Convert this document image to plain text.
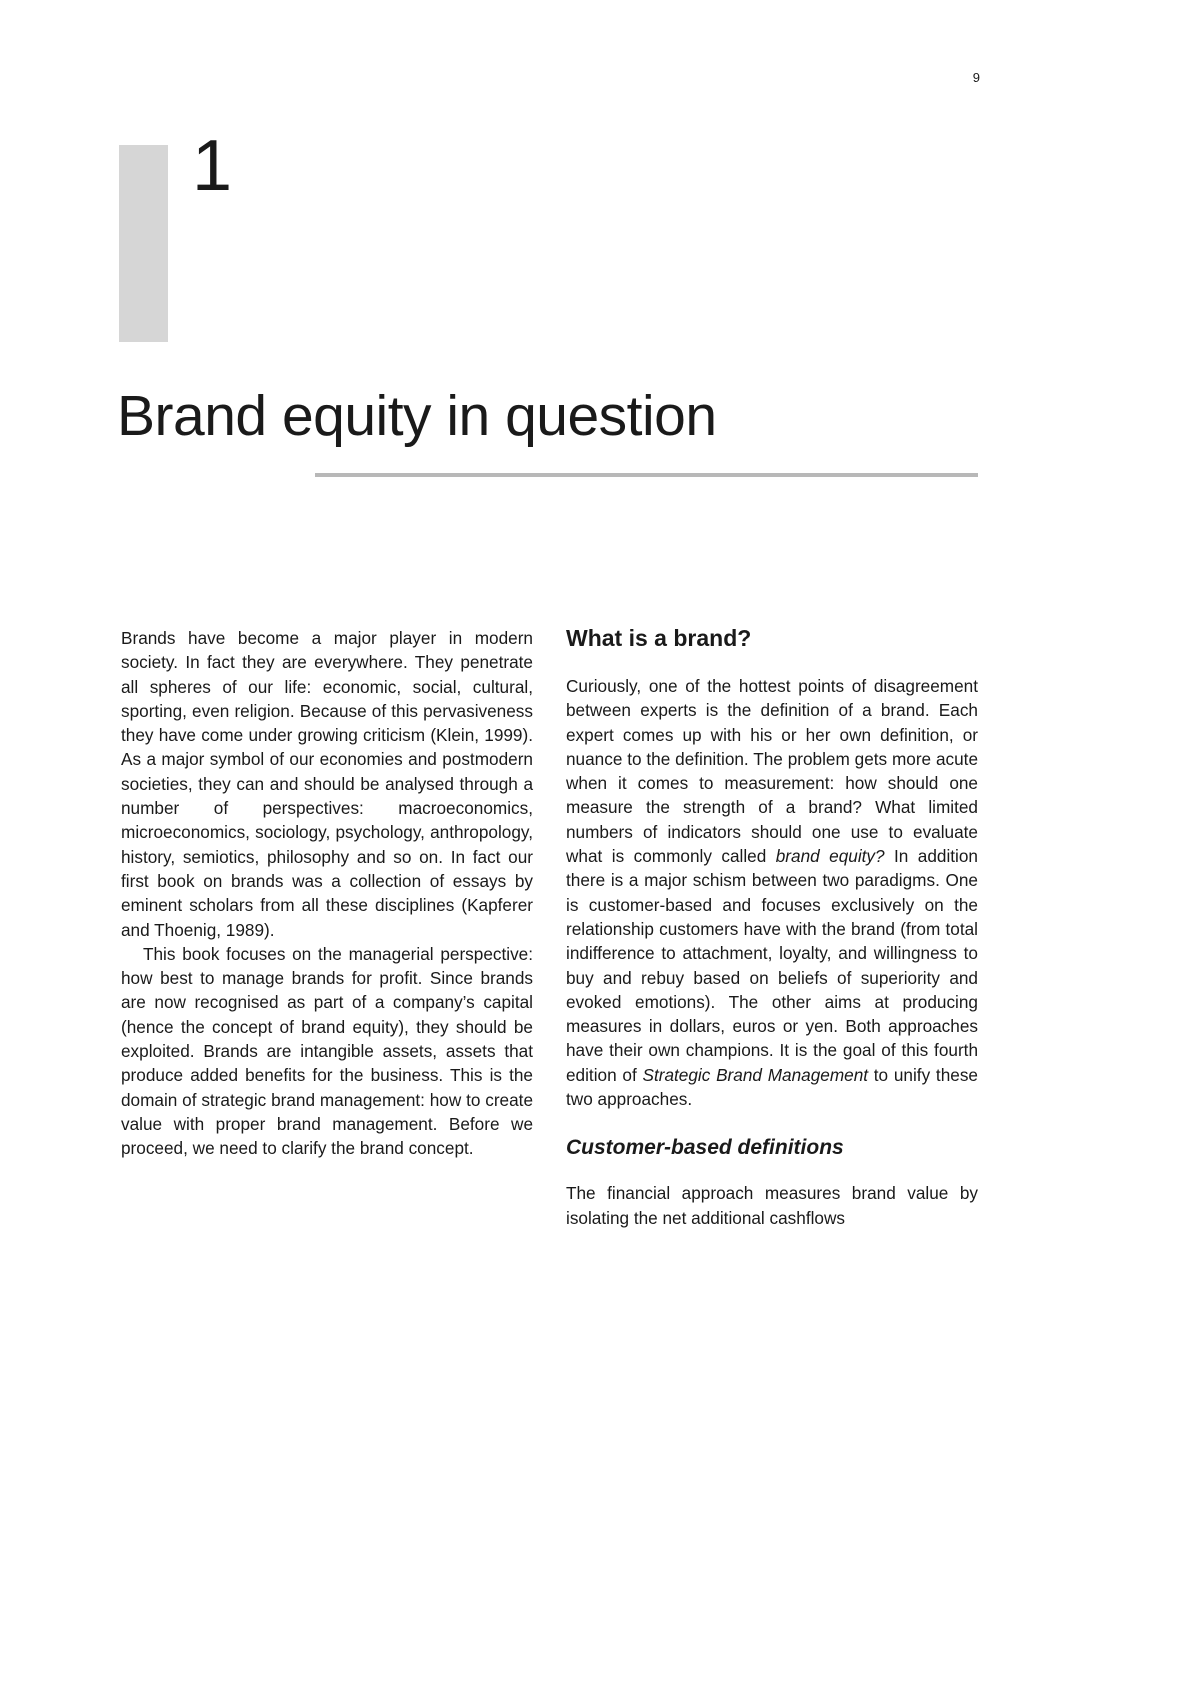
9
1
Brand equity in question

Brands have become a major player in modern society. In fact they are everywhere. They penetrate all spheres of our life: economic, social, cultural, sporting, even religion. Because of this pervasiveness they have come under growing criticism (Klein, 1999). As a major symbol of our economies and postmodern societies, they can and should be analysed through a number of perspectives: macroeconomics, microeconomics, sociology, psychology, anthropology, history, semiotics, philosophy and so on. In fact our first book on brands was a collection of essays by eminent scholars from all these disciplines (Kapferer and Thoenig, 1989).

This book focuses on the managerial perspective: how best to manage brands for profit. Since brands are now recognised as part of a company’s capital (hence the concept of brand equity), they should be exploited. Brands are intangible assets, assets that produce added benefits for the business. This is the domain of strategic brand management: how to create value with proper brand management. Before we proceed, we need to clarify the brand concept.

What is a brand?

Curiously, one of the hottest points of disagreement between experts is the definition of a brand. Each expert comes up with his or her own definition, or nuance to the definition. The problem gets more acute when it comes to measurement: how should one measure the strength of a brand? What limited numbers of indicators should one use to evaluate what is commonly called brand equity? In addition there is a major schism between two paradigms. One is customer-based and focuses exclusively on the relationship customers have with the brand (from total indifference to attachment, loyalty, and willingness to buy and rebuy based on beliefs of superiority and evoked emotions). The other aims at producing measures in dollars, euros or yen. Both approaches have their own champions. It is the goal of this fourth edition of Strategic Brand Management to unify these two approaches.

Customer-based definitions

The financial approach measures brand value by isolating the net additional cashflows
